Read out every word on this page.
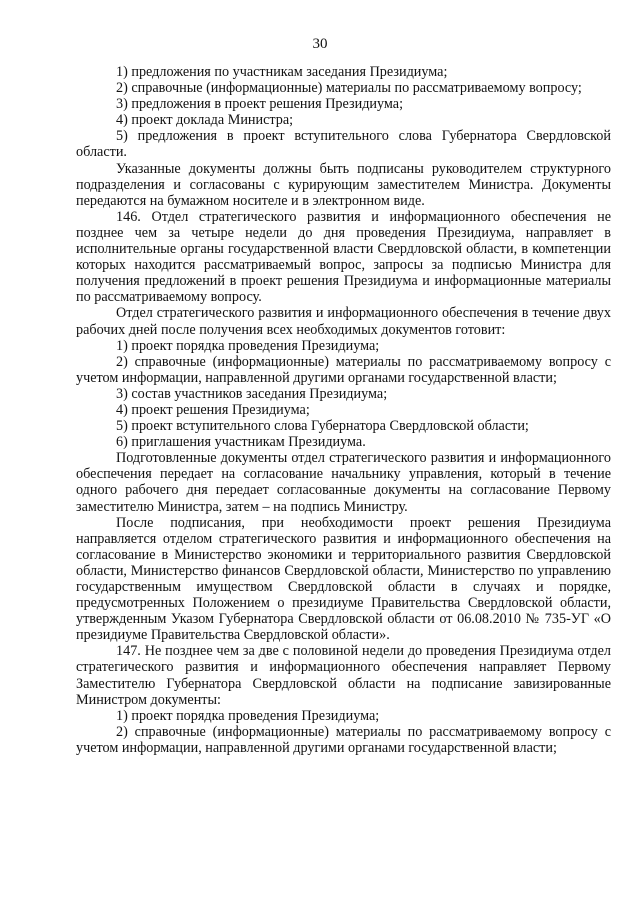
30

1) предложения по участникам заседания Президиума;

2) справочные (информационные) материалы по рассматриваемому вопросу;

3) предложения в проект решения Президиума;

4) проект доклада Министра;

5) предложения в проект вступительного слова Губернатора Свердловской области.

Указанные документы должны быть подписаны руководителем структурного подразделения и согласованы с курирующим заместителем Министра. Документы передаются на бумажном носителе и в электронном виде.

146. Отдел стратегического развития и информационного обеспечения не позднее чем за четыре недели до дня проведения Президиума, направляет в исполнительные органы государственной власти Свердловской области, в компетенции которых находится рассматриваемый вопрос, запросы за подписью Министра для получения предложений в проект решения Президиума и информационные материалы по рассматриваемому вопросу.

Отдел стратегического развития и информационного обеспечения в течение двух рабочих дней после получения всех необходимых документов готовит:

1) проект порядка проведения Президиума;

2) справочные (информационные) материалы по рассматриваемому вопросу с учетом информации, направленной другими органами государственной власти;

3) состав участников заседания Президиума;

4) проект решения Президиума;

5) проект вступительного слова Губернатора Свердловской области;

6) приглашения участникам Президиума.

Подготовленные документы отдел стратегического развития и информационного обеспечения передает на согласование начальнику управления, который в течение одного рабочего дня передает согласованные документы на согласование Первому заместителю Министра, затем – на подпись Министру.

После подписания, при необходимости проект решения Президиума направляется отделом стратегического развития и информационного обеспечения на согласование в Министерство экономики и территориального развития Свердловской области, Министерство финансов Свердловской области, Министерство по управлению государственным имуществом Свердловской области в случаях и порядке, предусмотренных Положением о президиуме Правительства Свердловской области, утвержденным Указом Губернатора Свердловской области от 06.08.2010 № 735-УГ «О президиуме Правительства Свердловской области».

147. Не позднее чем за две с половиной недели до проведения Президиума отдел стратегического развития и информационного обеспечения направляет Первому Заместителю Губернатора Свердловской области на подписание завизированные Министром документы:

1) проект порядка проведения Президиума;

2) справочные (информационные) материалы по рассматриваемому вопросу с учетом информации, направленной другими органами государственной власти;
